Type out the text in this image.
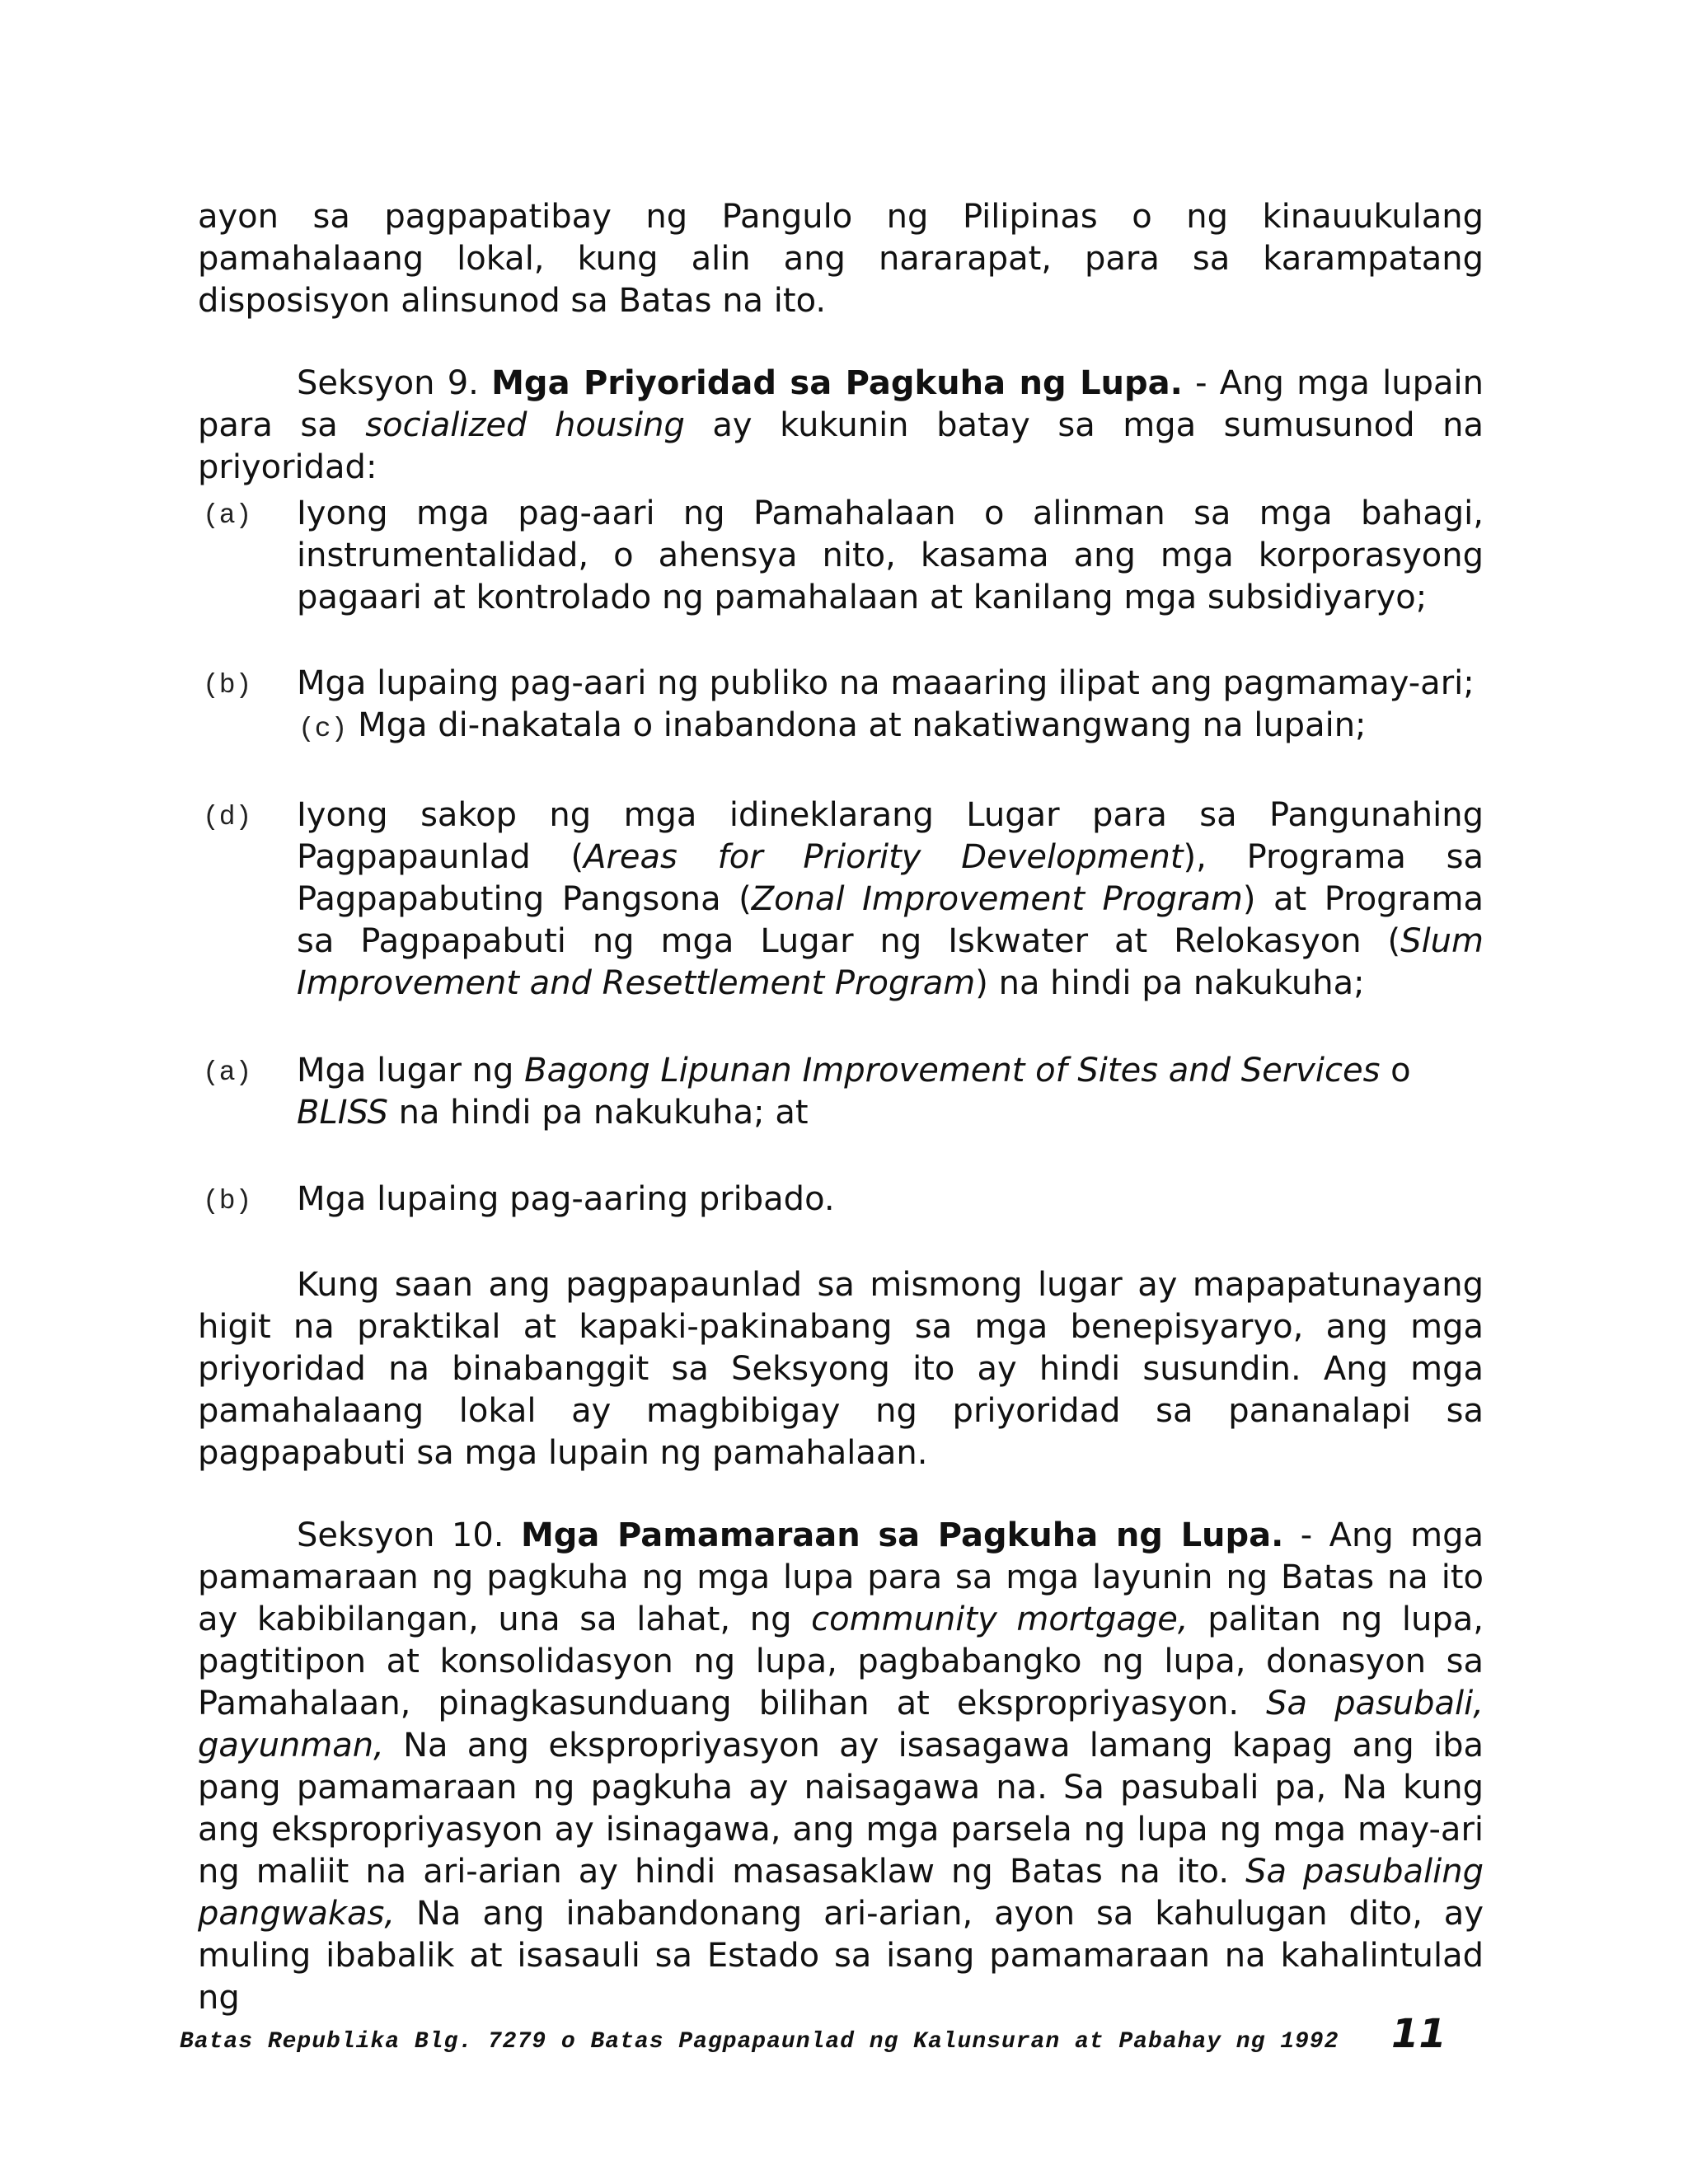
ayon sa pagpapatibay ng Pangulo ng Pilipinas o ng kinauukulang pamahalaang lokal, kung alin ang nararapat, para sa karampatang disposisyon alinsunod sa Batas na ito.

Seksyon 9. Mga Priyoridad sa Pagkuha ng Lupa. - Ang mga lupain para sa socialized housing ay kukunin batay sa mga sumusunod na priyoridad:

(a) Iyong mga pag-aari ng Pamahalaan o alinman sa mga bahagi, instrumentalidad, o ahensya nito, kasama ang mga korporasyong pagaari at kontrolado ng pamahalaan at kanilang mga subsidiyaryo;
(b) Mga lupaing pag-aari ng publiko na maaaring ilipat ang pagmamay-ari;
(c) Mga di-nakatala o inabandona at nakatiwangwang na lupain;
(d) Iyong sakop ng mga idineklarang Lugar para sa Pangunahing Pagpapaunlad (Areas for Priority Development), Programa sa Pagpapabuting Pangsona (Zonal Improvement Program) at Programa sa Pagpapabuti ng mga Lugar ng Iskwater at Relokasyon (Slum Improvement and Resettlement Program) na hindi pa nakukuha;
(a) Mga lugar ng Bagong Lipunan Improvement of Sites and Services o BLISS na hindi pa nakukuha; at
(b) Mga lupaing pag-aaring pribado.

Kung saan ang pagpapaunlad sa mismong lugar ay mapapatunayang higit na praktikal at kapaki-pakinabang sa mga benepisyaryo, ang mga priyoridad na binabanggit sa Seksyong ito ay hindi susundin. Ang mga pamahalaang lokal ay magbibigay ng priyoridad sa pananalapi sa pagpapabuti sa mga lupain ng pamahalaan.

Seksyon 10. Mga Pamamaraan sa Pagkuha ng Lupa. - Ang mga pamamaraan ng pagkuha ng mga lupa para sa mga layunin ng Batas na ito ay kabibilangan, una sa lahat, ng community mortgage, palitan ng lupa, pagtitipon at konsolidasyon ng lupa, pagbabangko ng lupa, donasyon sa Pamahalaan, pinagkasunduang bilihan at ekspropriyasyon. Sa pasubali, gayunman, Na ang ekspropriyasyon ay isasagawa lamang kapag ang iba pang pamamaraan ng pagkuha ay naisagawa na. Sa pasubali pa, Na kung ang ekspropriyasyon ay isinagawa, ang mga parsela ng lupa ng mga may-ari ng maliit na ari-arian ay hindi masasaklaw ng Batas na ito. Sa pasubaling pangwakas, Na ang inabandonang ari-arian, ayon sa kahulugan dito, ay muling ibabalik at isasauli sa Estado sa isang pamamaraan na kahalintulad ng

Batas Republika Blg. 7279 o Batas Pagpapaunlad ng Kalunsuran at Pabahay ng 1992 11
